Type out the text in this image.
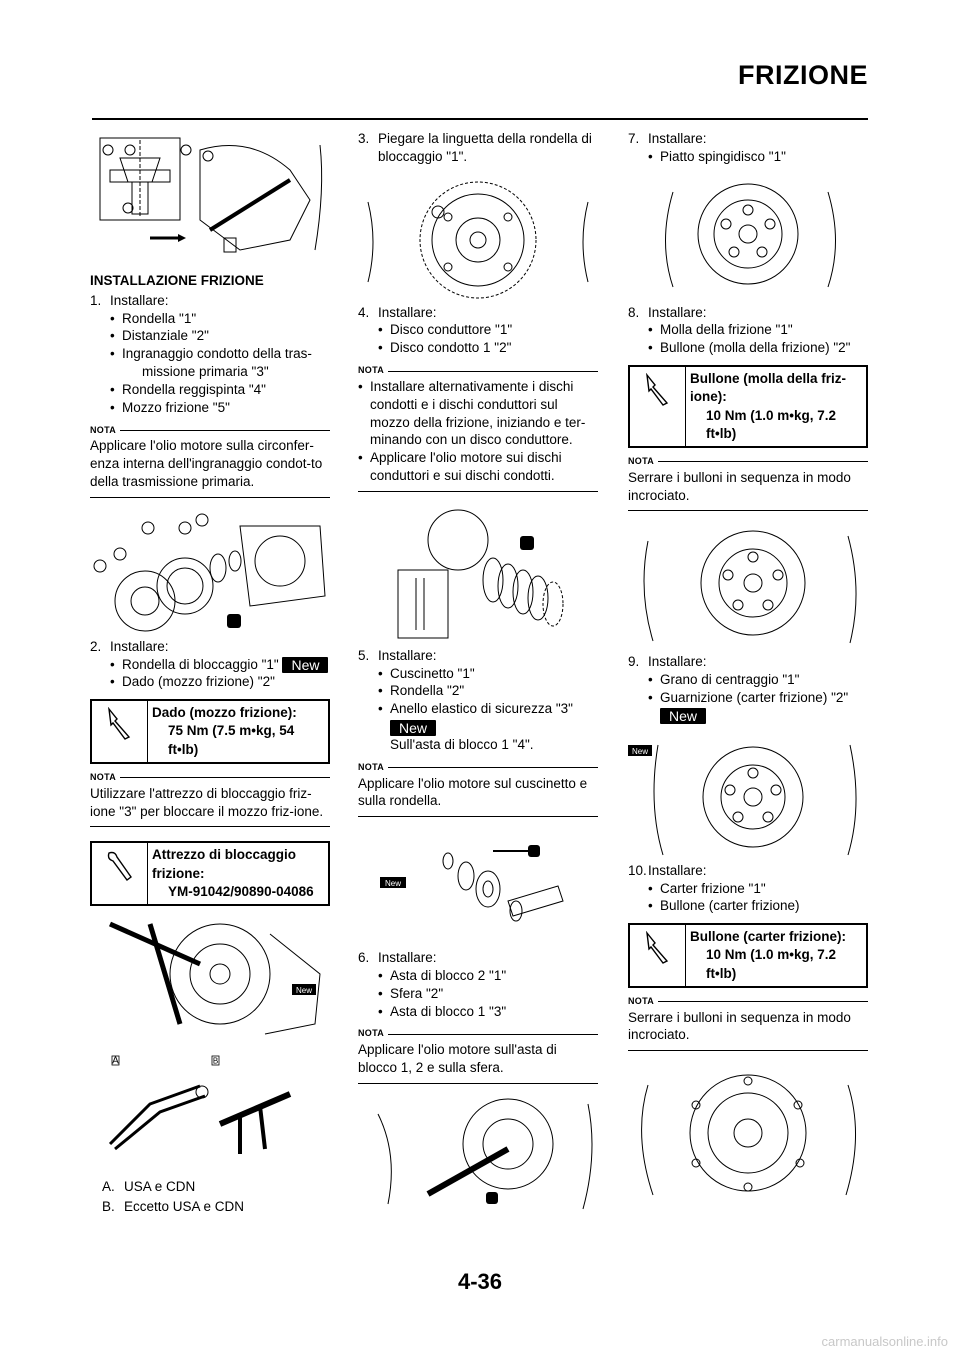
FRIZIONE
INSTALLAZIONE FRIZIONE
1. Installare:
• Rondella "1"
• Distanziale "2"
• Ingranaggio condotto della tras-
missione primaria "3"
• Rondella reggispinta "4"
• Mozzo frizione "5"
NOTA
Applicare l'olio motore sulla circonfer-enza interna dell'ingranaggio condot-to della trasmissione primaria.
2. Installare:
• Rondella di bloccaggio "1" New
• Dado (mozzo frizione) "2"
Dado (mozzo frizione):
75 Nm (7.5 m•kg, 54
ft•lb)
NOTA
Utilizzare l'attrezzo di bloccaggio friz-ione "3" per bloccare il mozzo friz-ione.
Attrezzo di bloccaggio
frizione:
YM-91042/90890-04086
New
A	B
A. USA e CDN
B. Eccetto USA e CDN
3. Piegare la linguetta della rondella di bloccaggio "1".
4. Installare:
• Disco conduttore "1"
• Disco condotto 1 "2"
NOTA
• Installare alternativamente i dischi condotti e i dischi conduttori sul mozzo della frizione, iniziando e ter-minando con un disco conduttore.
• Applicare l'olio motore sui dischi conduttori e sui dischi condotti.
5. Installare:
• Cuscinetto "1"
• Rondella "2"
• Anello elastico di sicurezza "3"
New
Sull'asta di blocco 1 "4".
NOTA
Applicare l'olio motore sul cuscinetto e sulla rondella.
New
6. Installare:
• Asta di blocco 2 "1"
• Sfera "2"
• Asta di blocco 1 "3"
NOTA
Applicare l'olio motore sull'asta di blocco 1, 2 e sulla sfera.
7. Installare:
• Piatto spingidisco "1"
8. Installare:
• Molla della frizione "1"
• Bullone (molla della frizione) "2"
Bullone (molla della friz-
ione):
10 Nm (1.0 m•kg, 7.2
ft•lb)
NOTA
Serrare i bulloni in sequenza in modo incrociato.
9. Installare:
• Grano di centraggio "1"
• Guarnizione (carter frizione) "2"
New
New
10. Installare:
• Carter frizione "1"
• Bullone (carter frizione)
Bullone (carter frizione):
10 Nm (1.0 m•kg, 7.2
ft•lb)
NOTA
Serrare i bulloni in sequenza in modo incrociato.
4-36
carmanualsonline.info
